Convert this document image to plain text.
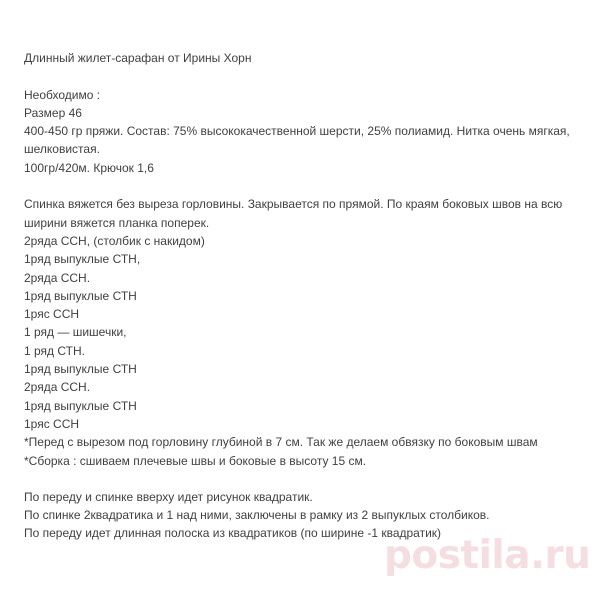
Длинный жилет-сарафан от Ирины Хорн

Необходимо :

Размер 46

400-450 гр пряжи. Состав: 75% высококачественной шерсти, 25% полиамид. Нитка очень мягкая,

шелковистая.

100гр/420м. Крючок 1,6

Спинка вяжется без выреза горловины. Закрывается по прямой. По краям боковых швов на всю

ширини вяжется планка поперек.

2ряда ССН, (столбик с накидом)

1ряд выпуклые СТН,

2ряда ССН.

1ряд выпуклые СТН

1ряс ССН

1 ряд — шишечки,

1 ряд СТН.

1ряд выпуклые СТН

2ряда ССН.

1ряд выпуклые СТН

1ряс ССН

*Перед с вырезом под горловину глубиной в 7 см. Так же делаем обвязку по боковым швам

*Сборка : сшиваем плечевые швы и боковые в высоту 15 см.

По переду и спинке вверху идет рисунок квадратик.

По спинке 2квадратика и 1 над ними, заключены в рамку из 2 выпуклых столбиков.

По переду идет длинная полоска из квадратиков (по ширине -1 квадратик)

postila.ru
